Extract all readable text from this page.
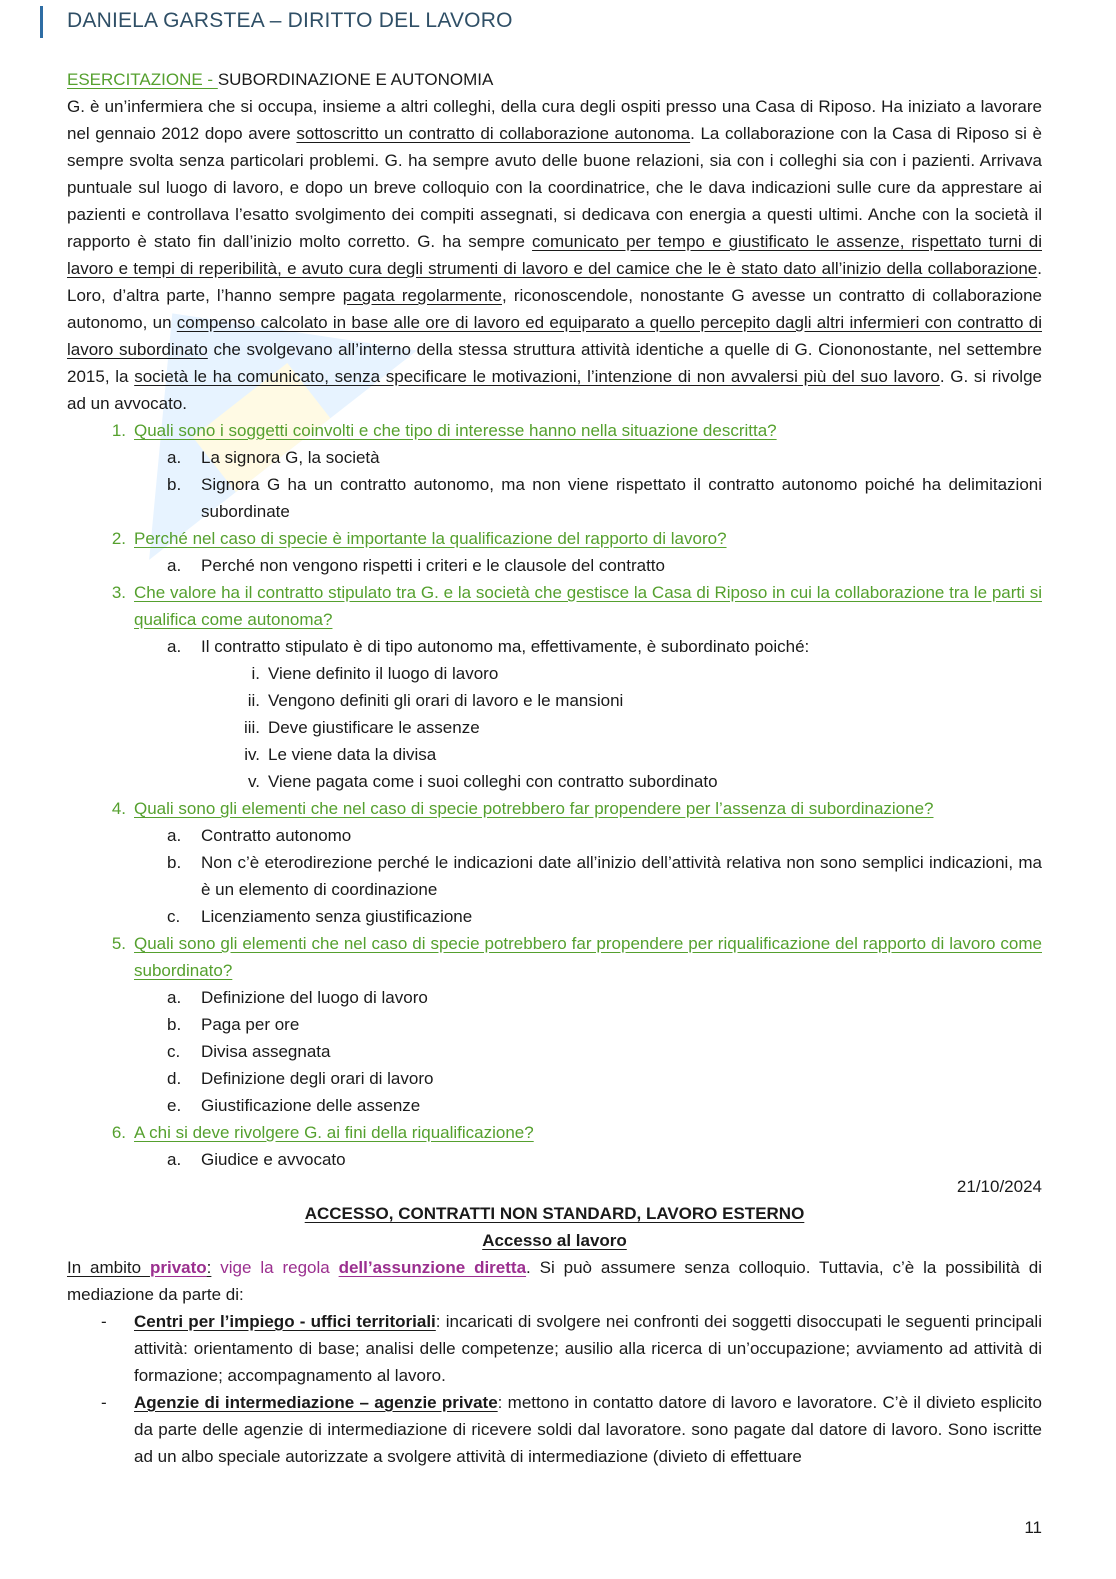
DANIELA GARSTEA – DIRITTO DEL LAVORO

ESERCITAZIONE - SUBORDINAZIONE E AUTONOMIA

G. è un’infermiera che si occupa, insieme a altri colleghi, della cura degli ospiti presso una Casa di Riposo. Ha iniziato a lavorare nel gennaio 2012 dopo avere sottoscritto un contratto di collaborazione autonoma. La collaborazione con la Casa di Riposo si è sempre svolta senza particolari problemi. G. ha sempre avuto delle buone relazioni, sia con i colleghi sia con i pazienti. Arrivava puntuale sul luogo di lavoro, e dopo un breve colloquio con la coordinatrice, che le dava indicazioni sulle cure da apprestare ai pazienti e controllava l’esatto svolgimento dei compiti assegnati, si dedicava con energia a questi ultimi. Anche con la società il rapporto è stato fin dall’inizio molto corretto. G. ha sempre comunicato per tempo e giustificato le assenze, rispettato turni di lavoro e tempi di reperibilità, e avuto cura degli strumenti di lavoro e del camice che le è stato dato all’inizio della collaborazione. Loro, d’altra parte, l’hanno sempre pagata regolarmente, riconoscendole, nonostante G avesse un contratto di collaborazione autonomo, un compenso calcolato in base alle ore di lavoro ed equiparato a quello percepito dagli altri infermieri con contratto di lavoro subordinato che svolgevano all’interno della stessa struttura attività identiche a quelle di G. Ciononostante, nel settembre 2015, la società le ha comunicato, senza specificare le motivazioni, l’intenzione di non avvalersi più del suo lavoro. G. si rivolge ad un avvocato.

1. Quali sono i soggetti coinvolti e che tipo di interesse hanno nella situazione descritta?
a.	La signora G, la società
b.	Signora G ha un contratto autonomo, ma non viene rispettato il contratto autonomo poiché ha delimitazioni subordinate
2. Perché nel caso di specie è importante la qualificazione del rapporto di lavoro?
a.	Perché non vengono rispetti i criteri e le clausole del contratto
3. Che valore ha il contratto stipulato tra G. e la società che gestisce la Casa di Riposo in cui la collaborazione tra le parti si qualifica come autonoma?
a.	Il contratto stipulato è di tipo autonomo ma, effettivamente, è subordinato poiché:
i. Viene definito il luogo di lavoro
ii. Vengono definiti gli orari di lavoro e le mansioni
iii. Deve giustificare le assenze
iv. Le viene data la divisa
v. Viene pagata come i suoi colleghi con contratto subordinato
4. Quali sono gli elementi che nel caso di specie potrebbero far propendere per l’assenza di subordinazione?
a.	Contratto autonomo
b.	Non c’è eterodirezione perché le indicazioni date all’inizio dell’attività relativa non sono semplici indicazioni, ma è un elemento di coordinazione
c.	Licenziamento senza giustificazione
5. Quali sono gli elementi che nel caso di specie potrebbero far propendere per riqualificazione del rapporto di lavoro come subordinato?
a.	Definizione del luogo di lavoro
b.	Paga per ore
c.	Divisa assegnata
d.	Definizione degli orari di lavoro
e.	Giustificazione delle assenze
6. A chi si deve rivolgere G. ai fini della riqualificazione?
a.	Giudice e avvocato

21/10/2024

ACCESSO, CONTRATTI NON STANDARD, LAVORO ESTERNO

Accesso al lavoro

In ambito privato: vige la regola dell’assunzione diretta. Si può assumere senza colloquio. Tuttavia, c’è la possibilità di mediazione da parte di:

- Centri per l’impiego - uffici territoriali: incaricati di svolgere nei confronti dei soggetti disoccupati le seguenti principali attività: orientamento di base; analisi delle competenze; ausilio alla ricerca di un’occupazione; avviamento ad attività di formazione; accompagnamento al lavoro.
- Agenzie di intermediazione – agenzie private: mettono in contatto datore di lavoro e lavoratore. C’è il divieto esplicito da parte delle agenzie di intermediazione di ricevere soldi dal lavoratore. sono pagate dal datore di lavoro. Sono iscritte ad un albo speciale autorizzate a svolgere attività di intermediazione (divieto di effettuare
11
